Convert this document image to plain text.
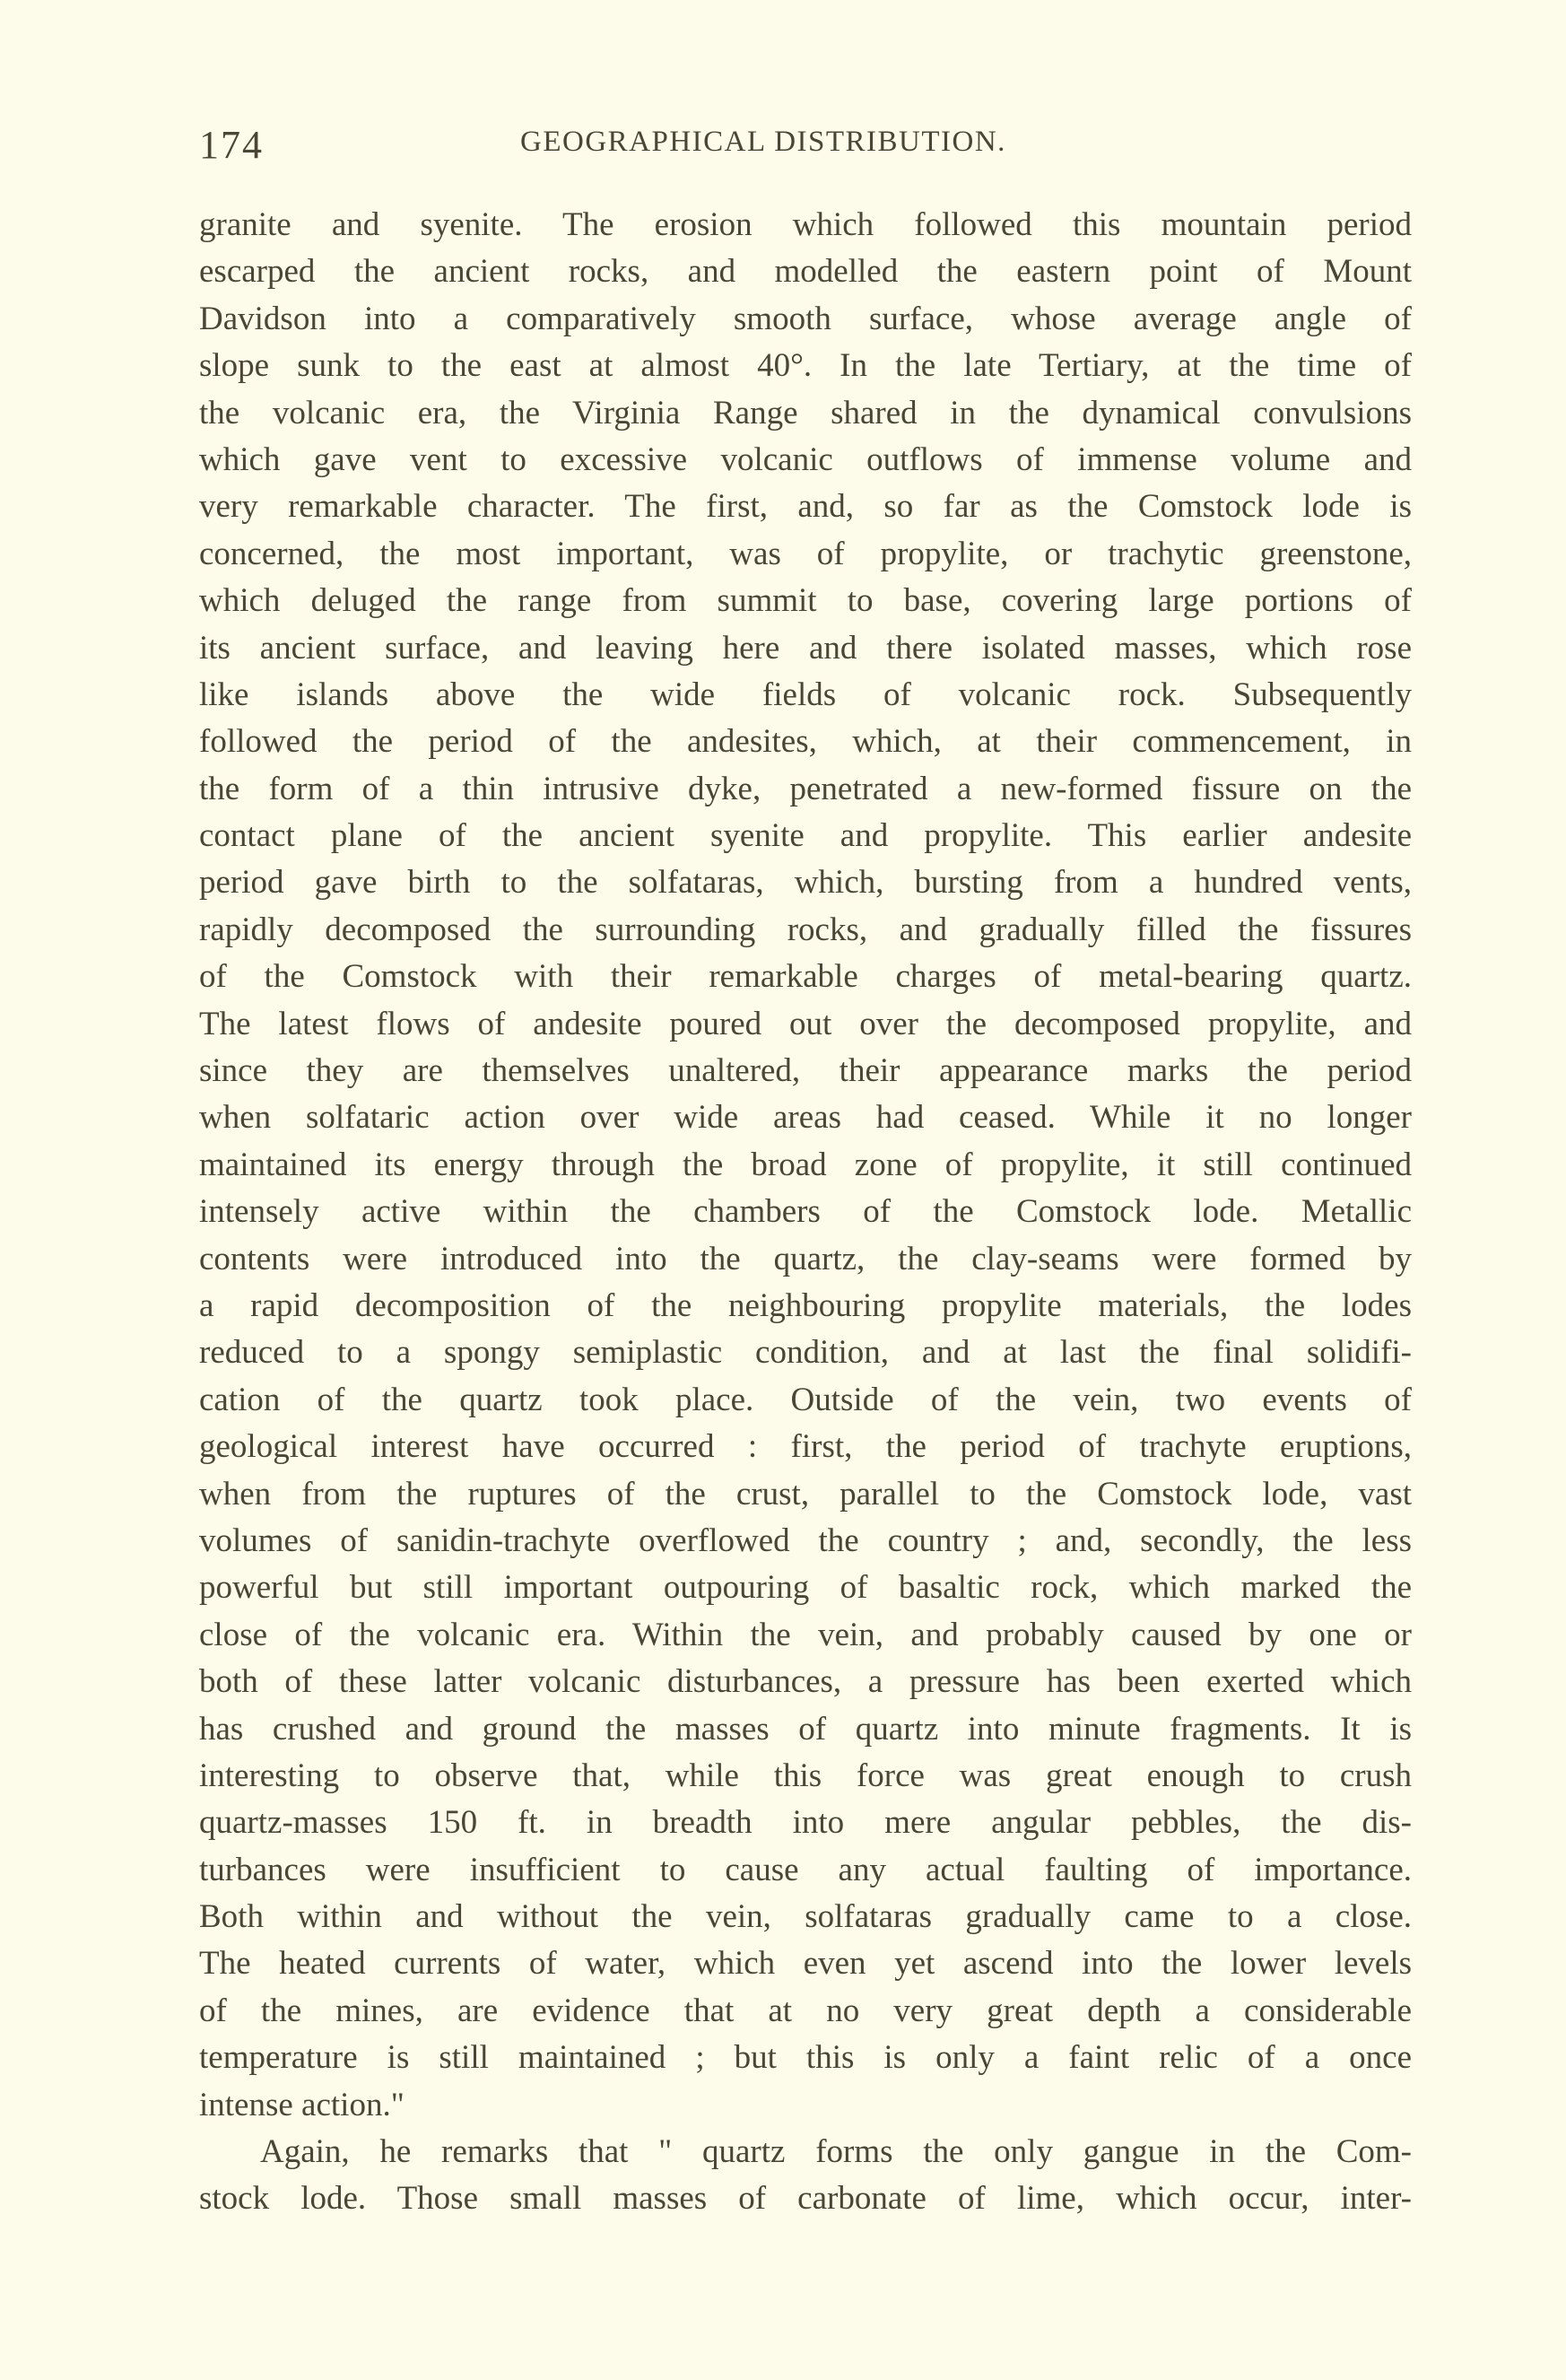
174	GEOGRAPHICAL DISTRIBUTION.
granite and syenite. The erosion which followed this mountain period
escarped the ancient rocks, and modelled the eastern point of Mount
Davidson into a comparatively smooth surface, whose average angle of
slope sunk to the east at almost 40°. In the late Tertiary, at the time of
the volcanic era, the Virginia Range shared in the dynamical convulsions
which gave vent to excessive volcanic outflows of immense volume and
very remarkable character. The first, and, so far as the Comstock lode is
concerned, the most important, was of propylite, or trachytic greenstone,
which deluged the range from summit to base, covering large portions of
its ancient surface, and leaving here and there isolated masses, which rose
like islands above the wide fields of volcanic rock. Subsequently
followed the period of the andesites, which, at their commencement, in
the form of a thin intrusive dyke, penetrated a new-formed fissure on the
contact plane of the ancient syenite and propylite. This earlier andesite
period gave birth to the solfataras, which, bursting from a hundred vents,
rapidly decomposed the surrounding rocks, and gradually filled the fissures
of the Comstock with their remarkable charges of metal-bearing quartz.
The latest flows of andesite poured out over the decomposed propylite, and
since they are themselves unaltered, their appearance marks the period
when solfataric action over wide areas had ceased. While it no longer
maintained its energy through the broad zone of propylite, it still continued
intensely active within the chambers of the Comstock lode. Metallic
contents were introduced into the quartz, the clay-seams were formed by
a rapid decomposition of the neighbouring propylite materials, the lodes
reduced to a spongy semiplastic condition, and at last the final solidifi-
cation of the quartz took place. Outside of the vein, two events of
geological interest have occurred : first, the period of trachyte eruptions,
when from the ruptures of the crust, parallel to the Comstock lode, vast
volumes of sanidin-trachyte overflowed the country ; and, secondly, the less
powerful but still important outpouring of basaltic rock, which marked the
close of the volcanic era. Within the vein, and probably caused by one or
both of these latter volcanic disturbances, a pressure has been exerted which
has crushed and ground the masses of quartz into minute fragments. It is
interesting to observe that, while this force was great enough to crush
quartz-masses 150 ft. in breadth into mere angular pebbles, the dis-
turbances were insufficient to cause any actual faulting of importance.
Both within and without the vein, solfataras gradually came to a close.
The heated currents of water, which even yet ascend into the lower levels
of the mines, are evidence that at no very great depth a considerable
temperature is still maintained ; but this is only a faint relic of a once
intense action."
Again, he remarks that " quartz forms the only gangue in the Com-
stock lode. Those small masses of carbonate of lime, which occur, inter-
